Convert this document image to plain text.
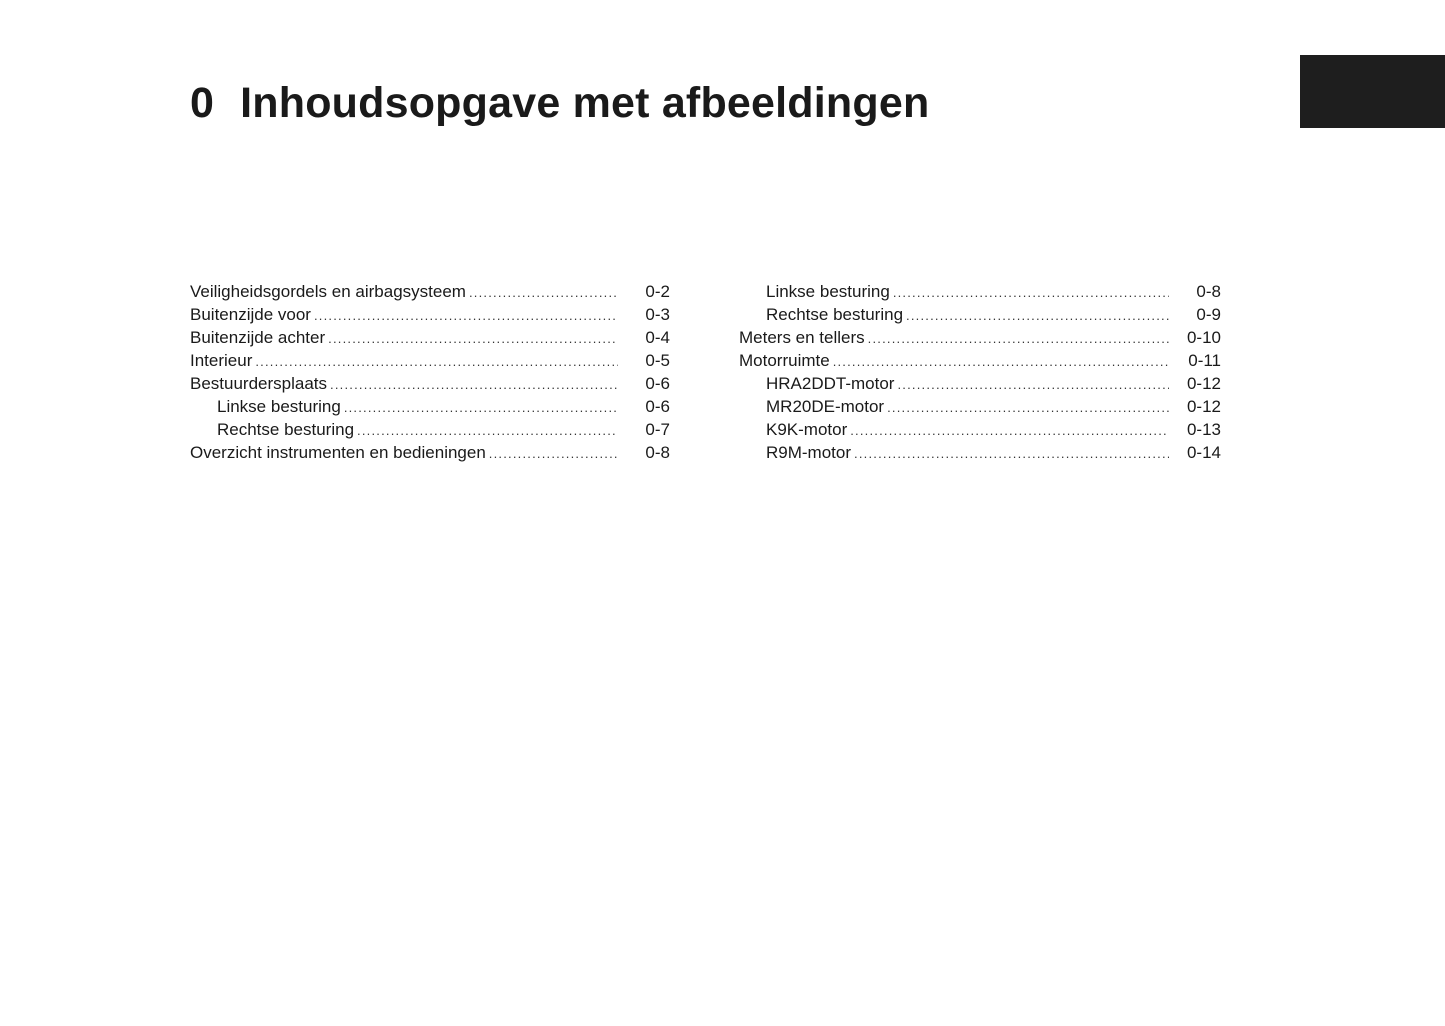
0 Inhoudsopgave met afbeeldingen
Veiligheidsgordels en airbagsysteem .....	0-2
Buitenzijde voor .....	0-3
Buitenzijde achter .....	0-4
Interieur .....	0-5
Bestuurdersplaats .....	0-6
Linkse besturing .....	0-6
Rechtse besturing .....	0-7
Overzicht instrumenten en bedieningen .....	0-8
Linkse besturing .....	0-8
Rechtse besturing .....	0-9
Meters en tellers .....	0-10
Motorruimte .....	0-11
HRA2DDT-motor .....	0-12
MR20DE-motor .....	0-12
K9K-motor .....	0-13
R9M-motor .....	0-14
